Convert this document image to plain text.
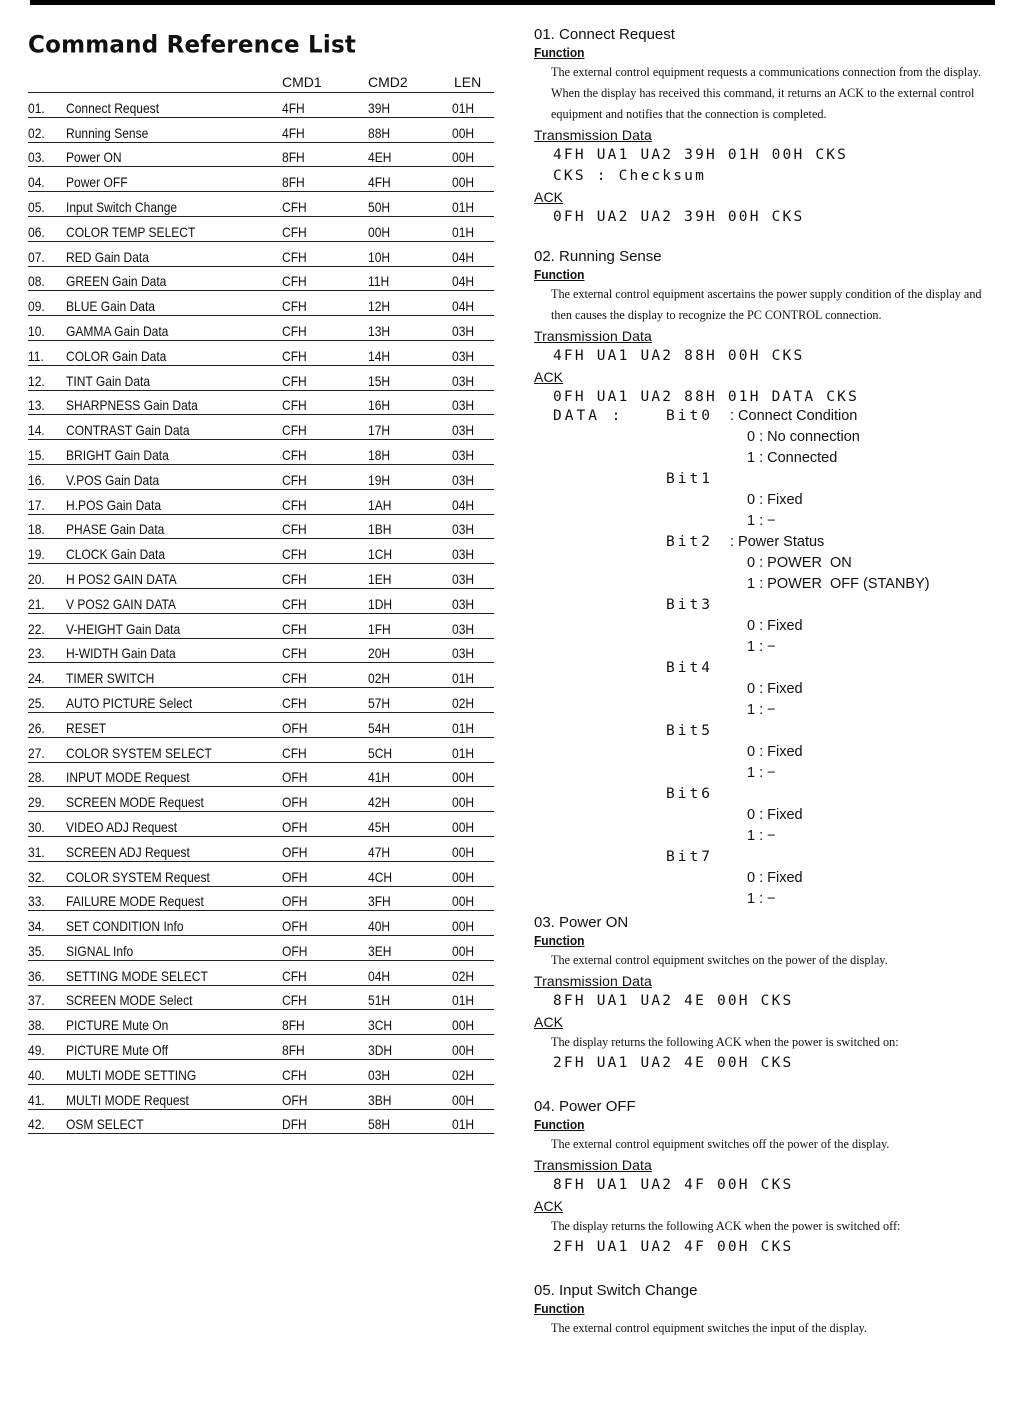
Command Reference List
CMD1	CMD2	LEN
01.	Connect Request	4FH	39H	01H
02.	Running Sense	4FH	88H	00H
03.	Power ON	8FH	4EH	00H
04.	Power OFF	8FH	4FH	00H
05.	Input Switch Change	CFH	50H	01H
06.	COLOR TEMP SELECT	CFH	00H	01H
07.	RED Gain Data	CFH	10H	04H
08.	GREEN Gain Data	CFH	11H	04H
09.	BLUE Gain Data	CFH	12H	04H
10.	GAMMA Gain Data	CFH	13H	03H
11.	COLOR Gain Data	CFH	14H	03H
12.	TINT Gain Data	CFH	15H	03H
13.	SHARPNESS Gain Data	CFH	16H	03H
14.	CONTRAST Gain Data	CFH	17H	03H
15.	BRIGHT Gain Data	CFH	18H	03H
16.	V.POS Gain Data	CFH	19H	03H
17.	H.POS Gain Data	CFH	1AH	04H
18.	PHASE Gain Data	CFH	1BH	03H
19.	CLOCK Gain Data	CFH	1CH	03H
20.	H POS2 GAIN DATA	CFH	1EH	03H
21.	V POS2 GAIN DATA	CFH	1DH	03H
22.	V-HEIGHT Gain Data	CFH	1FH	03H
23.	H-WIDTH Gain Data	CFH	20H	03H
24.	TIMER SWITCH	CFH	02H	01H
25.	AUTO PICTURE Select	CFH	57H	02H
26.	RESET	OFH	54H	01H
27.	COLOR SYSTEM SELECT	CFH	5CH	01H
28.	INPUT MODE Request	OFH	41H	00H
29.	SCREEN MODE Request	OFH	42H	00H
30.	VIDEO ADJ Request	OFH	45H	00H
31.	SCREEN ADJ Request	OFH	47H	00H
32.	COLOR SYSTEM Request	OFH	4CH	00H
33.	FAILURE MODE Request	OFH	3FH	00H
34.	SET CONDITION Info	OFH	40H	00H
35.	SIGNAL Info	OFH	3EH	00H
36.	SETTING MODE SELECT	CFH	04H	02H
37.	SCREEN MODE Select	CFH	51H	01H
38.	PICTURE Mute On	8FH	3CH	00H
49.	PICTURE Mute Off	8FH	3DH	00H
40.	MULTI MODE SETTING	CFH	03H	02H
41.	MULTI MODE Request	OFH	3BH	00H
42.	OSM SELECT	DFH	58H	01H

01. Connect Request

Function

The external control equipment requests a communications connection from the display.

When the display has received this command, it returns an ACK to the external control equipment and notifies that the connection is completed.

Transmission Data

4FH UA1 UA2 39H 01H 00H CKS

CKS : Checksum

ACK

0FH UA2 UA2 39H 00H CKS

02. Running Sense

Function

The external control equipment ascertains the power supply condition of the display and then causes the display to recognize the PC CONTROL connection.

Transmission Data

4FH UA1 UA2 88H 00H CKS

ACK

0FH UA1 UA2 88H 01H DATA CKS

DATA :	Bit0 : Connect Condition
0 : No connection
1 : Connected
Bit1
0 : Fixed
1 : −
Bit2 : Power Status
0 : POWER  ON
1 : POWER  OFF (STANBY)
Bit3
0 : Fixed
1 : −
Bit4
0 : Fixed
1 : −
Bit5
0 : Fixed
1 : −
Bit6
0 : Fixed
1 : −
Bit7
0 : Fixed
1 : −

03. Power ON

Function

The external control equipment switches on the power of the display.

Transmission Data

8FH UA1 UA2 4E 00H CKS

ACK

The display returns the following ACK when the power is switched on:

2FH UA1 UA2 4E 00H CKS

04. Power OFF

Function

The external control equipment switches off the power of the display.

Transmission Data

8FH UA1 UA2 4F 00H CKS

ACK

The display returns the following ACK when the power is switched off:

2FH UA1 UA2 4F 00H CKS

05. Input Switch Change

Function

The external control equipment switches the input of the display.
